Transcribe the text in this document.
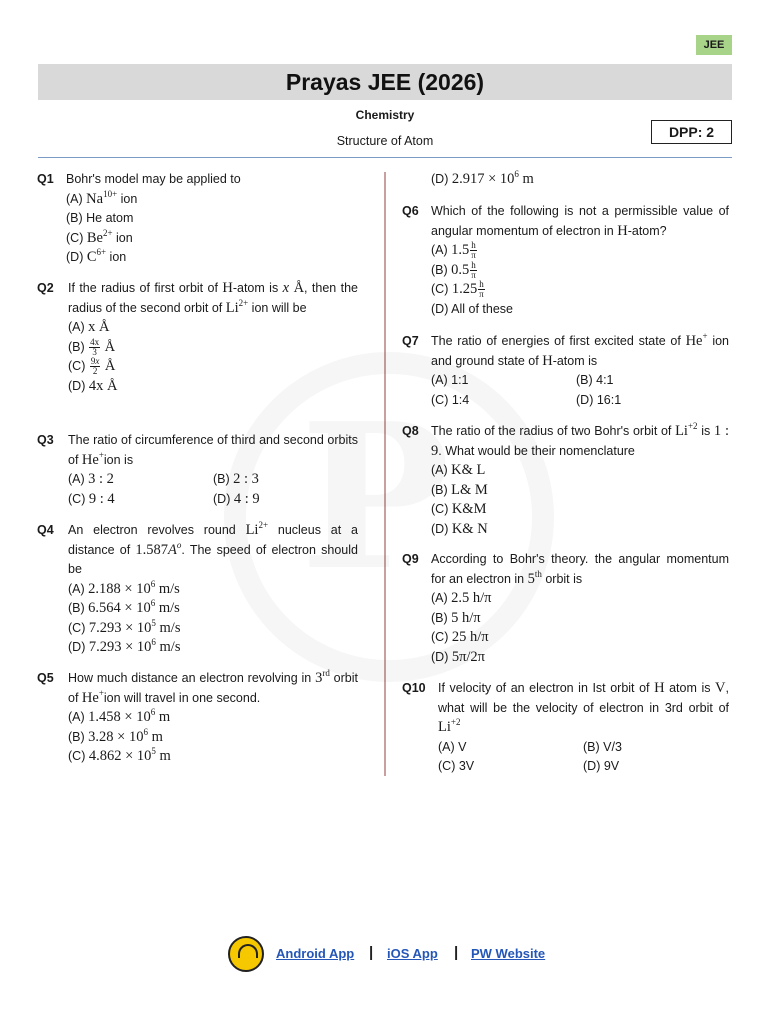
JEE
Prayas JEE (2026)
Chemistry
Structure of Atom
DPP: 2
Q1 Bohr's model may be applied to
(A) $Na^{10+}$ ion
(B) He atom
(C) $Be^{2+}$ ion
(D) $C^{6+}$ ion
Q2 If the radius of first orbit of H-atom is x Å, then the radius of the second orbit of $Li^{2+}$ ion will be
(A) x Å
$(B) \frac{4x}{3}$ Å
$(C) \frac{9x}{2}$ Å
(D) 4x Å
Q3 The ratio of circumference of third and second orbits of He+ion is
(A) 3 : 2	(B) 2 : 3
(C) 9 : 4	(D) 4 : 9
Q4 An electron revolves round $Li^{2+}$ nucleus at a distance of $1.587A^o$. The speed of electron should be
(A) $2.188 \times 10^6$ m/s
(B) $6.564 \times 10^6$ m/s
(C) $7.293 \times 10^5$ m/s
(D) $7.293 \times 10^6$ m/s
Q5 How much distance an electron revolving in 3rd orbit of He+ion will travel in one second.
(A) $1.458 \times 10^6$ m
(B) $3.28 \times 10^6$ m
(C) $4.862 \times 10^5$ m
(D) $2.917 \times 10^6$ m
Q6 Which of the following is not a permissible value of angular momentum of electron in H-atom?
(A) $1.5 \frac{h}{\pi}$
(B) $0.5 \frac{h}{\pi}$
(C) $1.25 \frac{h}{\pi}$
(D) All of these
Q7 The ratio of energies of first excited state of He+ ion and ground state of H-atom is
(A) 1:1	(B) 4:1
(C) 1:4	(D) 16:1
Q8 The ratio of the radius of two Bohr's orbit of $Li^{+2}$ is 1 : 9. What would be their nomenclature
(A) K& L
(B) L& M
(C) K&M
(D) K& N
Q9 According to Bohr's theory. the angular momentum for an electron in 5th orbit is
(A) 2.5 h/π
(B) 5 h/π
(C) 25 h/π
(D) 5π/2π
Q10 If velocity of an electron in Ist orbit of H atom is V, what will be the velocity of electron in 3rd orbit of $Li^{+2}$
(A) V	(B) V/3
(C) 3V	(D) 9V
Android App | iOS App | PW Website
